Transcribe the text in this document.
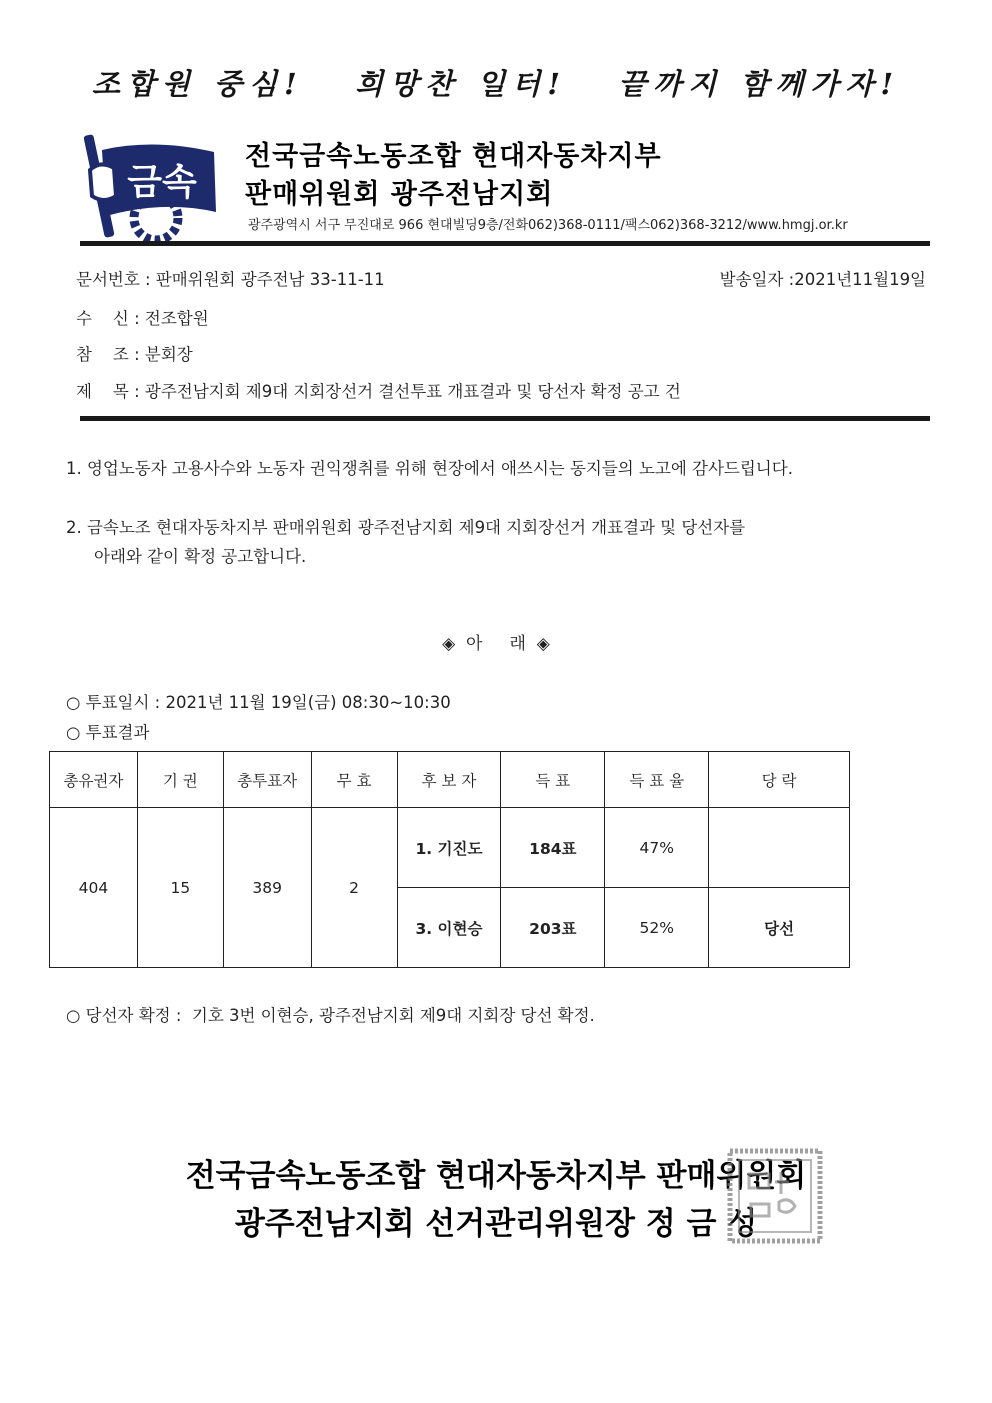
조합원 중심!   희망찬 일터!   끝까지 함께가자!
금속
전국금속노동조합 현대자동차지부
판매위원회 광주전남지회
광주광역시 서구 무진대로 966 현대빌딩9층/전화062)368-0111/팩스062)368-3212/www.hmgj.or.kr
문서번호 : 판매위원회 광주전남 33-11-11	발송일자 :2021년11월19일
수    신 : 전조합원
참    조 : 분회장
제    목 : 광주전남지회 제9대 지회장선거 결선투표 개표결과 및 당선자 확정 공고 건
1. 영업노동자 고용사수와 노동자 권익쟁취를 위해 현장에서 애쓰시는 동지들의 노고에 감사드립니다.
2. 금속노조 현대자동차지부 판매위원회 광주전남지회 제9대 지회장선거 개표결과 및 당선자를
아래와 같이 확정 공고합니다.
◈  아     래  ◈
○ 투표일시 : 2021년 11월 19일(금) 08:30~10:30
○ 투표결과
총유권자	기 권	총투표자	무 효	후 보 자	득 표	득 표 율	당 락
404	15	389	2	1. 기진도	184표	47%	
				3. 이현승	203표	52%	당선
○ 당선자 확정 :  기호 3번 이현승, 광주전남지회 제9대 지회장 당선 확정.
전국금속노동조합 현대자동차지부 판매위원회
광주전남지회 선거관리위원장 정 금 성
